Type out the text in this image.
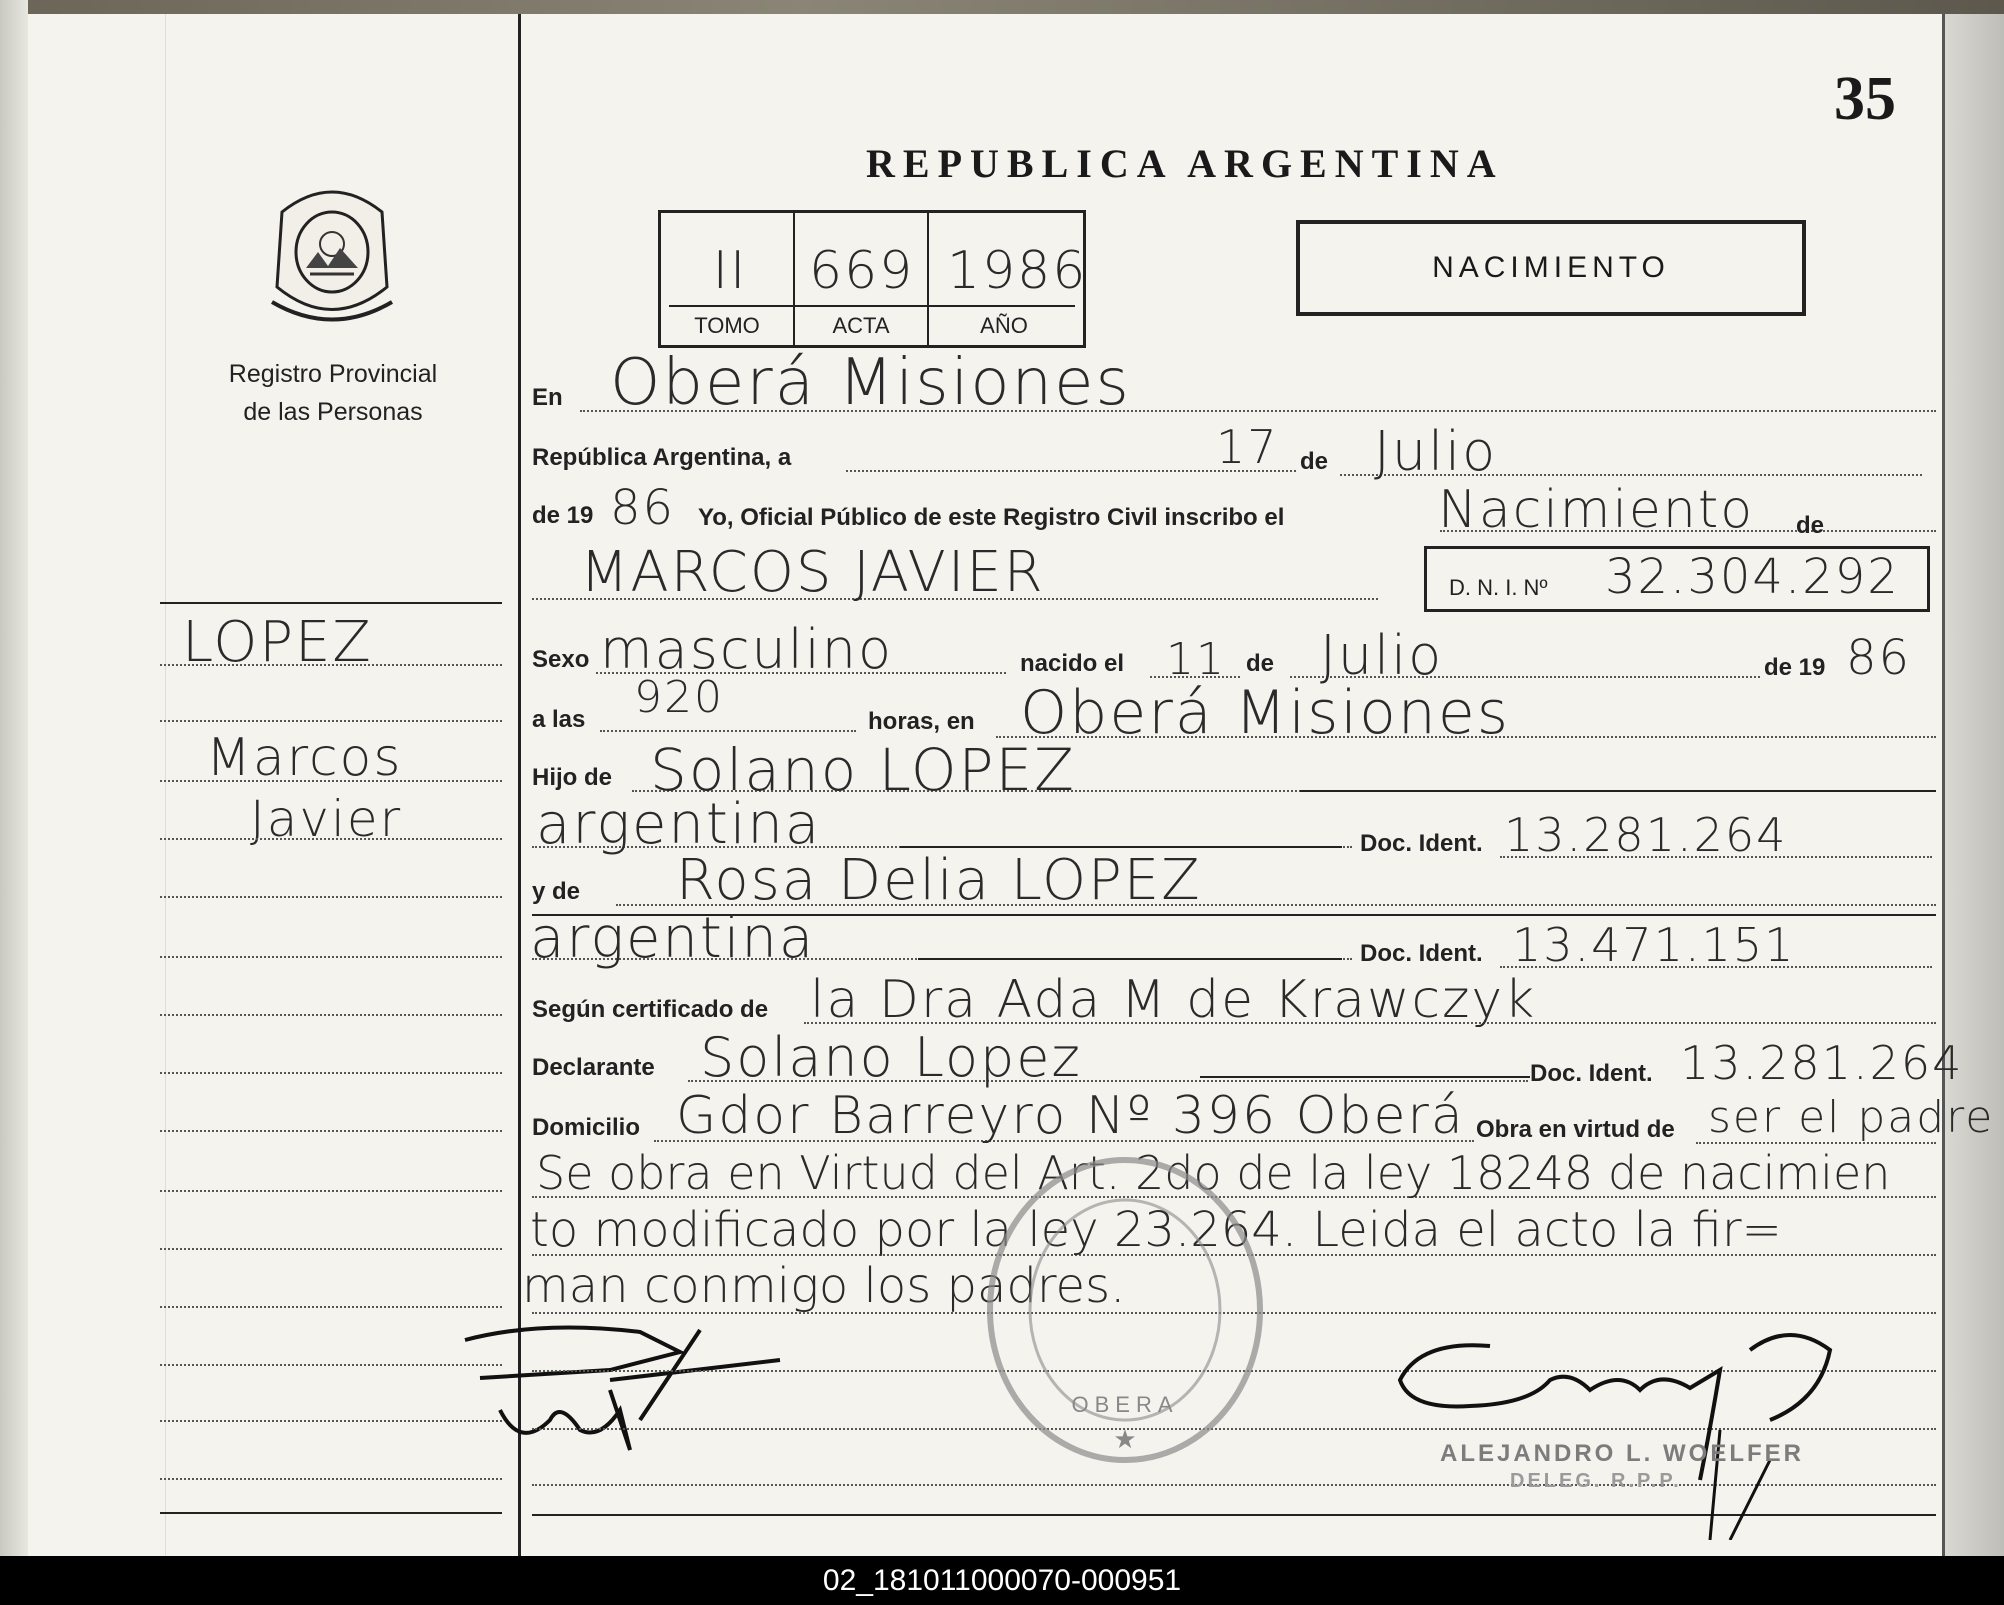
Registro Provincial
de las Personas
LOPEZ
Marcos
Javier
35
REPUBLICA ARGENTINA
II	669 1986
TOMO	ACTA	AÑO
NACIMIENTO
En Oberá Misiones
República Argentina, a	17 de Julio
de 19 86 Yo, Oficial Público de este Registro Civil inscribo el	Nacimiento de
MARCOS JAVIER	D. N. I. Nº 32.304.292
Sexo masculino	nacido el 11 de Julio	de 19 86
a las 920	horas, en Oberá Misiones
Hijo de Solano LOPEZ
argentina	Doc. Ident. 13.281.264
y de Rosa Delia LOPEZ
argentina	Doc. Ident. 13.471.151
Según certificado de la Dra Ada M de Krawczyk
Declarante Solano Lopez	Doc. Ident. 13.281.264
Domicilio Gdor Barreyro Nº 396 Oberá Obra en virtud de ser el padre
Se obra en Virtud del Art. 2do de la ley 18248 de nacimien
to modificado por la ley 23.264. Leida el acto la fir=
man conmigo los padres.
OBERA
★	ALEJANDRO L. WOELFER
DELEG. R.P.P.
02_181011000070-000951
